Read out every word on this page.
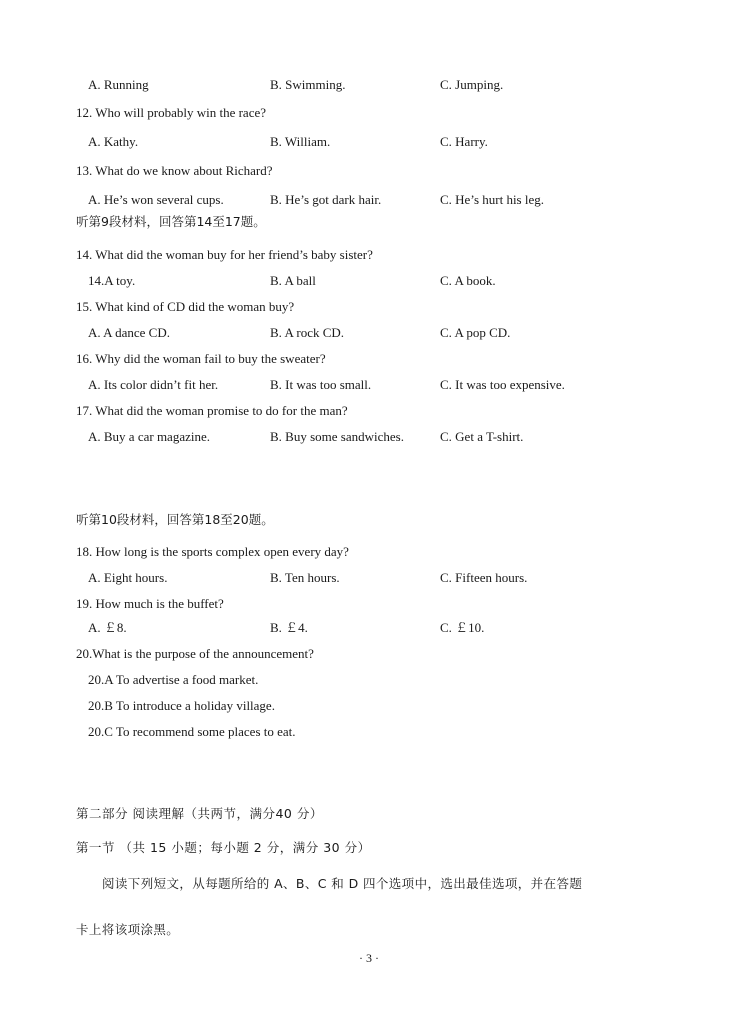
A. Running	B. Swimming.	C. Jumping.
12. Who will probably win the race?
A. Kathy.	B. William.	C. Harry.
13. What do we know about Richard?
A. He’s won several cups.	B. He’s got dark hair.	C. He’s hurt his leg.
听第9段材料，回答第14至17题。
14. What did the woman buy for her friend’s baby sister?
14.A toy.	B. A ball	C. A book.
15. What kind of CD did the woman buy?
A. A dance CD.	B. A rock CD.	C. A pop CD.
16. Why did the woman fail to buy the sweater?
A. Its color didn’t fit her.	B. It was too small.	C. It was too expensive.
17. What did the woman promise to do for the man?
A. Buy a car magazine.	B. Buy some sandwiches.	C. Get a T-shirt.
听第10段材料，回答第18至20题。
18. How long is the sports complex open every day?
A. Eight hours.	B. Ten hours.	C. Fifteen hours.
19. How much is the buffet?
A. ￡8.	B. ￡4.	C. ￡10.
20.What is the purpose of the announcement?
20.A To advertise a food market.
20.B To introduce a holiday village.
20.C To recommend some places to eat.
第二部分 阅读理解（共两节，满分40 分）
第一节 （共 15 小题；每小题 2 分，满分 30 分）
阅读下列短文，从每题所给的 A、B、C 和 D 四个选项中，选出最佳选项，并在答题
卡上将该项涂黑。
· 3 ·
